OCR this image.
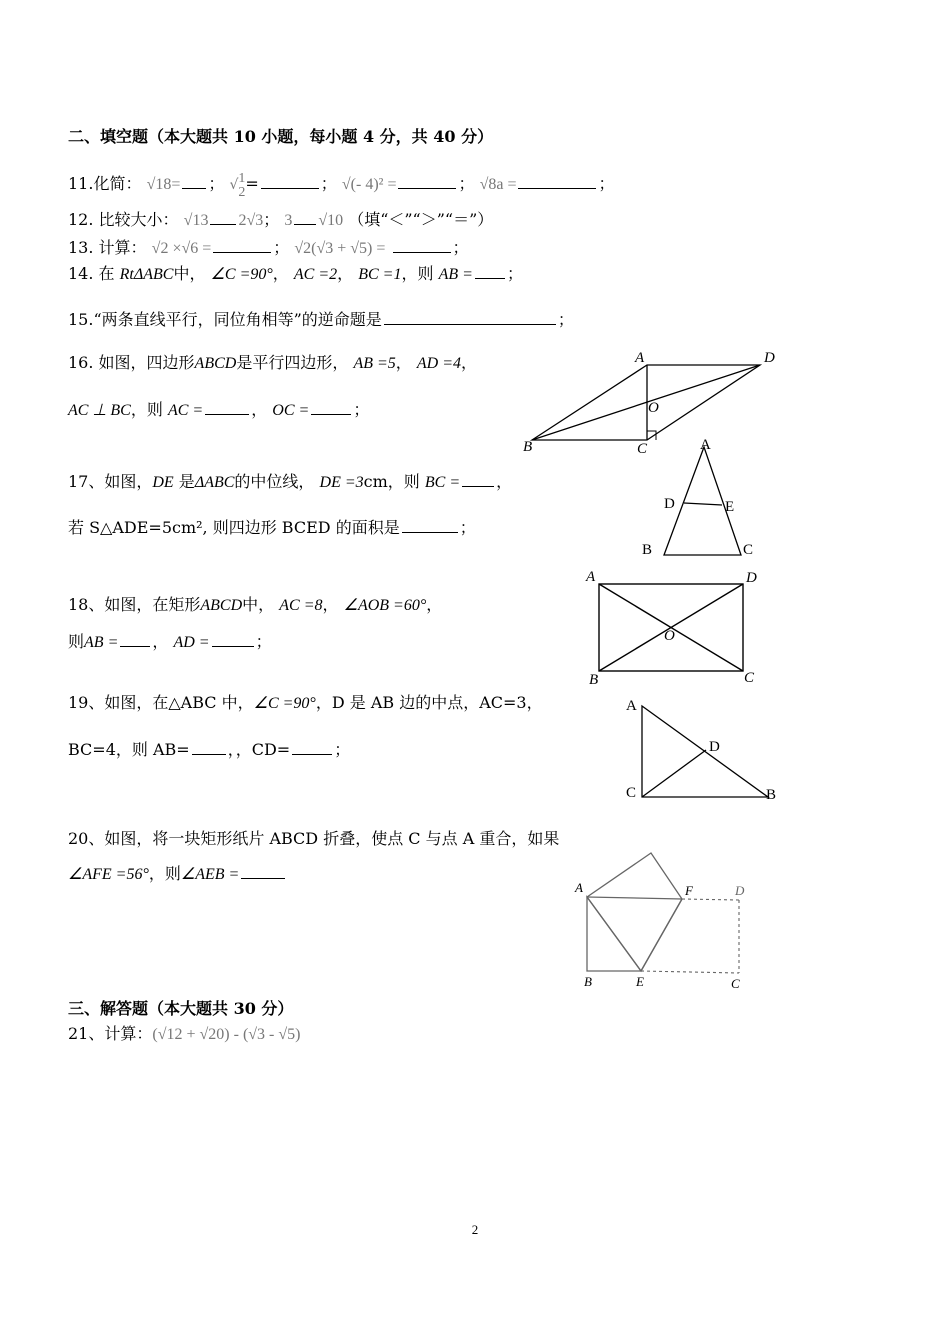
二、填空题（本大题共 10 小题，每小题 4 分，共 40 分）
11.化简： √18= ； √1
2=	； √(- 4)² =	； √8a =	；
12. 比较大小： √13 2√3； 3 √10 （填“＜”“＞”“＝”）
13. 计算： √2 ×√6 =	； √2(√3 + √5) =	；
14. 在 RtΔABC中， ∠C =90°， AC =2， BC =1，则 AB = ；
15.“两条直线平行，同位角相等”的逆命题是	；
16. 如图，四边形ABCD是平行四边形， AB =5， AD =4，
AC ⊥ BC，则 AC =	， OC =	；
A	D
B	C
O
17、如图，DE 是ΔABC的中位线， DE =3cm，则 BC = ，
若 S△ADE=5cm², 则四边形 BCED 的面积是	；
A
D	E
B	C
18、如图，在矩形ABCD中， AC =8， ∠AOB =60°，
则AB = ， AD =	；
A	D
B	C
O
19、如图，在△ABC 中，∠C =90°，D 是 AB 边的中点，AC=3，
BC=4，则 AB= ，，CD=	；
A
D
C	B
20、如图，将一块矩形纸片 ABCD 折叠，使点 C 与点 A 重合，如果
∠AFE =56°，则∠AEB =
A	F	D
B	E	C
三、解答题（本大题共 30 分）
21、计算：(√12 + √20) - (√3 - √5)
2
